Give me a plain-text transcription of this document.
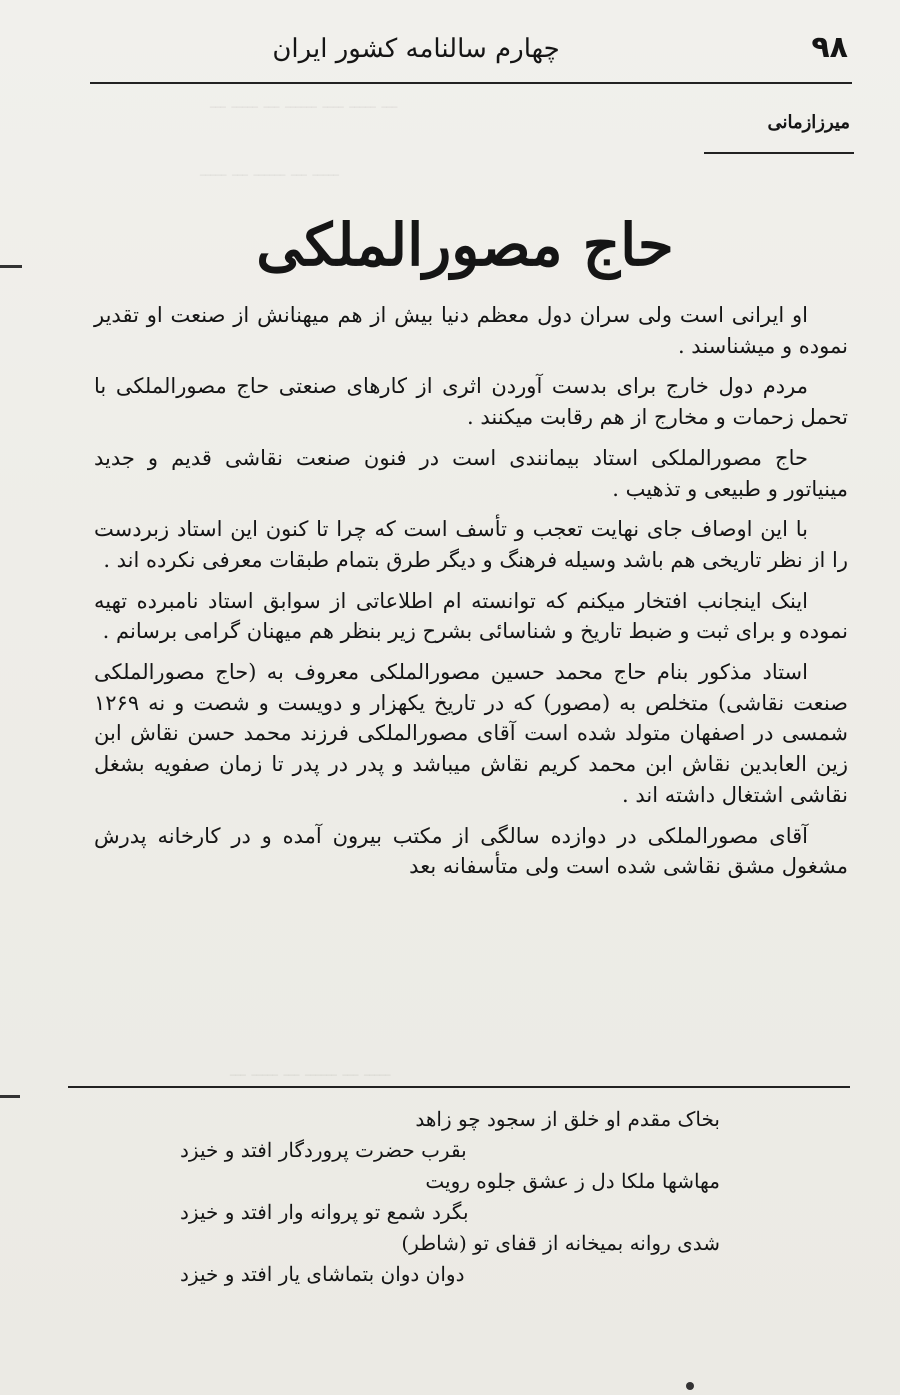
ـــ ـــــ ــــ ــــــ ـــ ـــــ ـــ
ـــــ ـــ ــــــ ـــ ـــــ
ـــــ ـــ ــــــ ـــ ـــــ ـــ
۹۸
چهارم سالنامه کشور ایران
میرزازمانی
حاج مصورالملکی

او ایرانی است ولی سران دول معظم دنیا بیش از هم میهنانش از صنعت او تقدیر نموده و میشناسند .

مردم دول خارج برای بدست آوردن اثری از کارهای صنعتی حاج مصورالملکی با تحمل زحمات و مخارج از هم رقابت میکنند .

حاج مصورالملکی استاد بیمانندی است در فنون صنعت نقاشی قدیم و جدید مینیاتور و طبیعی و تذهیب .

با این اوصاف جای نهایت تعجب و تأسف است که چرا تا کنون این استاد زبردست را از نظر تاریخی هم باشد وسیله فرهنگ و دیگر طرق بتمام طبقات معرفی نکرده اند .

اینک اینجانب افتخار میکنم که توانسته ام اطلاعاتی از سوابق استاد نامبرده تهیه نموده و برای ثبت و ضبط تاریخ و شناسائی بشرح زیر بنظر هم میهنان گرامی برسانم .

استاد مذکور بنام حاج محمد حسین مصورالملکی معروف به (حاج مصورالملکی صنعت نقاشی) متخلص به (مصور) که در تاریخ یکهزار و دویست و شصت و نه ۱۲۶۹ شمسی در اصفهان متولد شده است آقای مصورالملکی فرزند محمد حسن نقاش ابن زین العابدین نقاش ابن محمد کریم نقاش میباشد و پدر در پدر تا زمان صفویه بشغل نقاشی اشتغال داشته اند .

آقای مصورالملکی در دوازده سالگی از مکتب بیرون آمده و در کارخانه پدرش مشغول مشق نقاشی شده است ولی متأسفانه بعد

بخاک مقدم او خلق از سجود چو زاهد
بقرب حضرت پروردگار افتد و خیزد
مهاشها ملکا دل ز عشق جلوه رویت
بگرد شمع تو پروانه وار افتد و خیزد
شدی روانه بمیخانه از قفای تو (شاطر)
دوان دوان بتماشای یار افتد و خیزد
